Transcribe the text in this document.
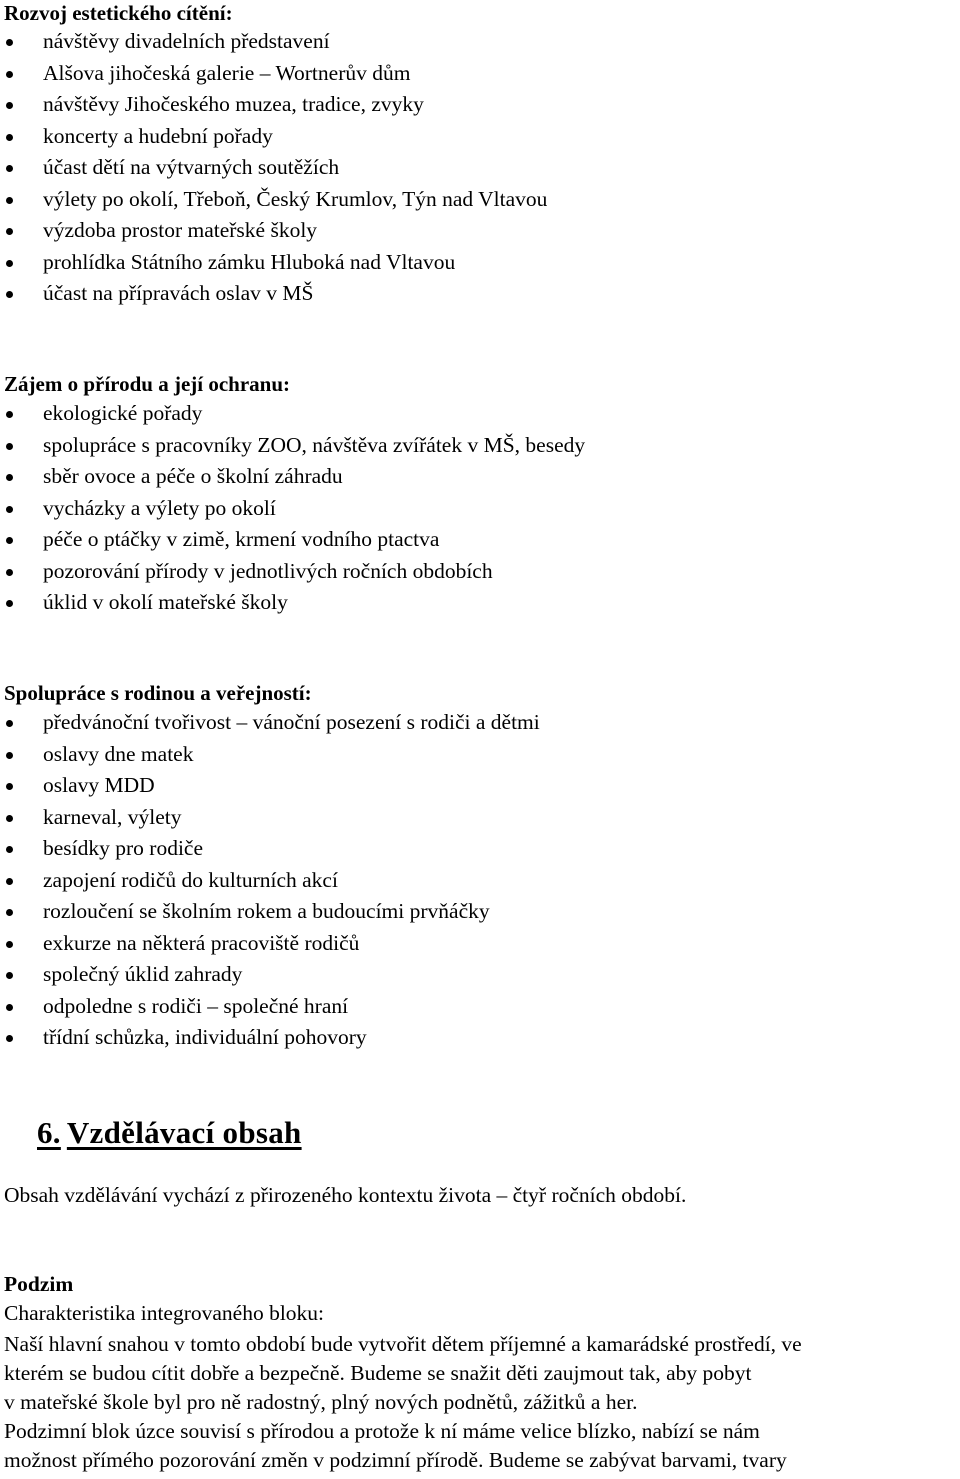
Rozvoj estetického cítění:
návštěvy divadelních představení
Alšova jihočeská galerie – Wortnerův dům
návštěvy Jihočeského muzea, tradice, zvyky
koncerty a hudební pořady
účast dětí na výtvarných soutěžích
výlety po okolí, Třeboň, Český Krumlov, Týn nad Vltavou
výzdoba prostor mateřské školy
prohlídka Státního zámku Hluboká nad Vltavou
účast na přípravách oslav v MŠ
Zájem o přírodu a její ochranu:
ekologické pořady
spolupráce s pracovníky ZOO, návštěva zvířátek v MŠ, besedy
sběr ovoce a péče o školní záhradu
vycházky a výlety po okolí
péče o ptáčky v zimě, krmení vodního ptactva
pozorování přírody v jednotlivých ročních obdobích
úklid v okolí mateřské školy
Spolupráce s rodinou a veřejností:
předvánoční tvořivost – vánoční posezení s rodiči a dětmi
oslavy dne matek
oslavy MDD
karneval, výlety
besídky pro rodiče
zapojení rodičů do kulturních akcí
rozloučení se školním rokem a budoucími prvňáčky
exkurze na některá pracoviště rodičů
společný úklid zahrady
odpoledne s rodiči – společné hraní
třídní schůzka, individuální pohovory
6. Vzdělávací obsah

Obsah vzdělávání vychází z přirozeného kontextu života – čtyř ročních období.

Podzim

Charakteristika integrovaného bloku:

Naší hlavní snahou v tomto období bude vytvořit dětem příjemné a kamarádské prostředí, ve
kterém se budou cítit dobře a bezpečně. Budeme se snažit děti zaujmout tak, aby pobyt
v mateřské škole byl pro ně radostný, plný nových podnětů, zážitků a her.
Podzimní blok úzce souvisí s přírodou a protože k ní máme velice blízko, nabízí se nám
možnost přímého pozorování změn v podzimní přírodě. Budeme se zabývat barvami, tvary
